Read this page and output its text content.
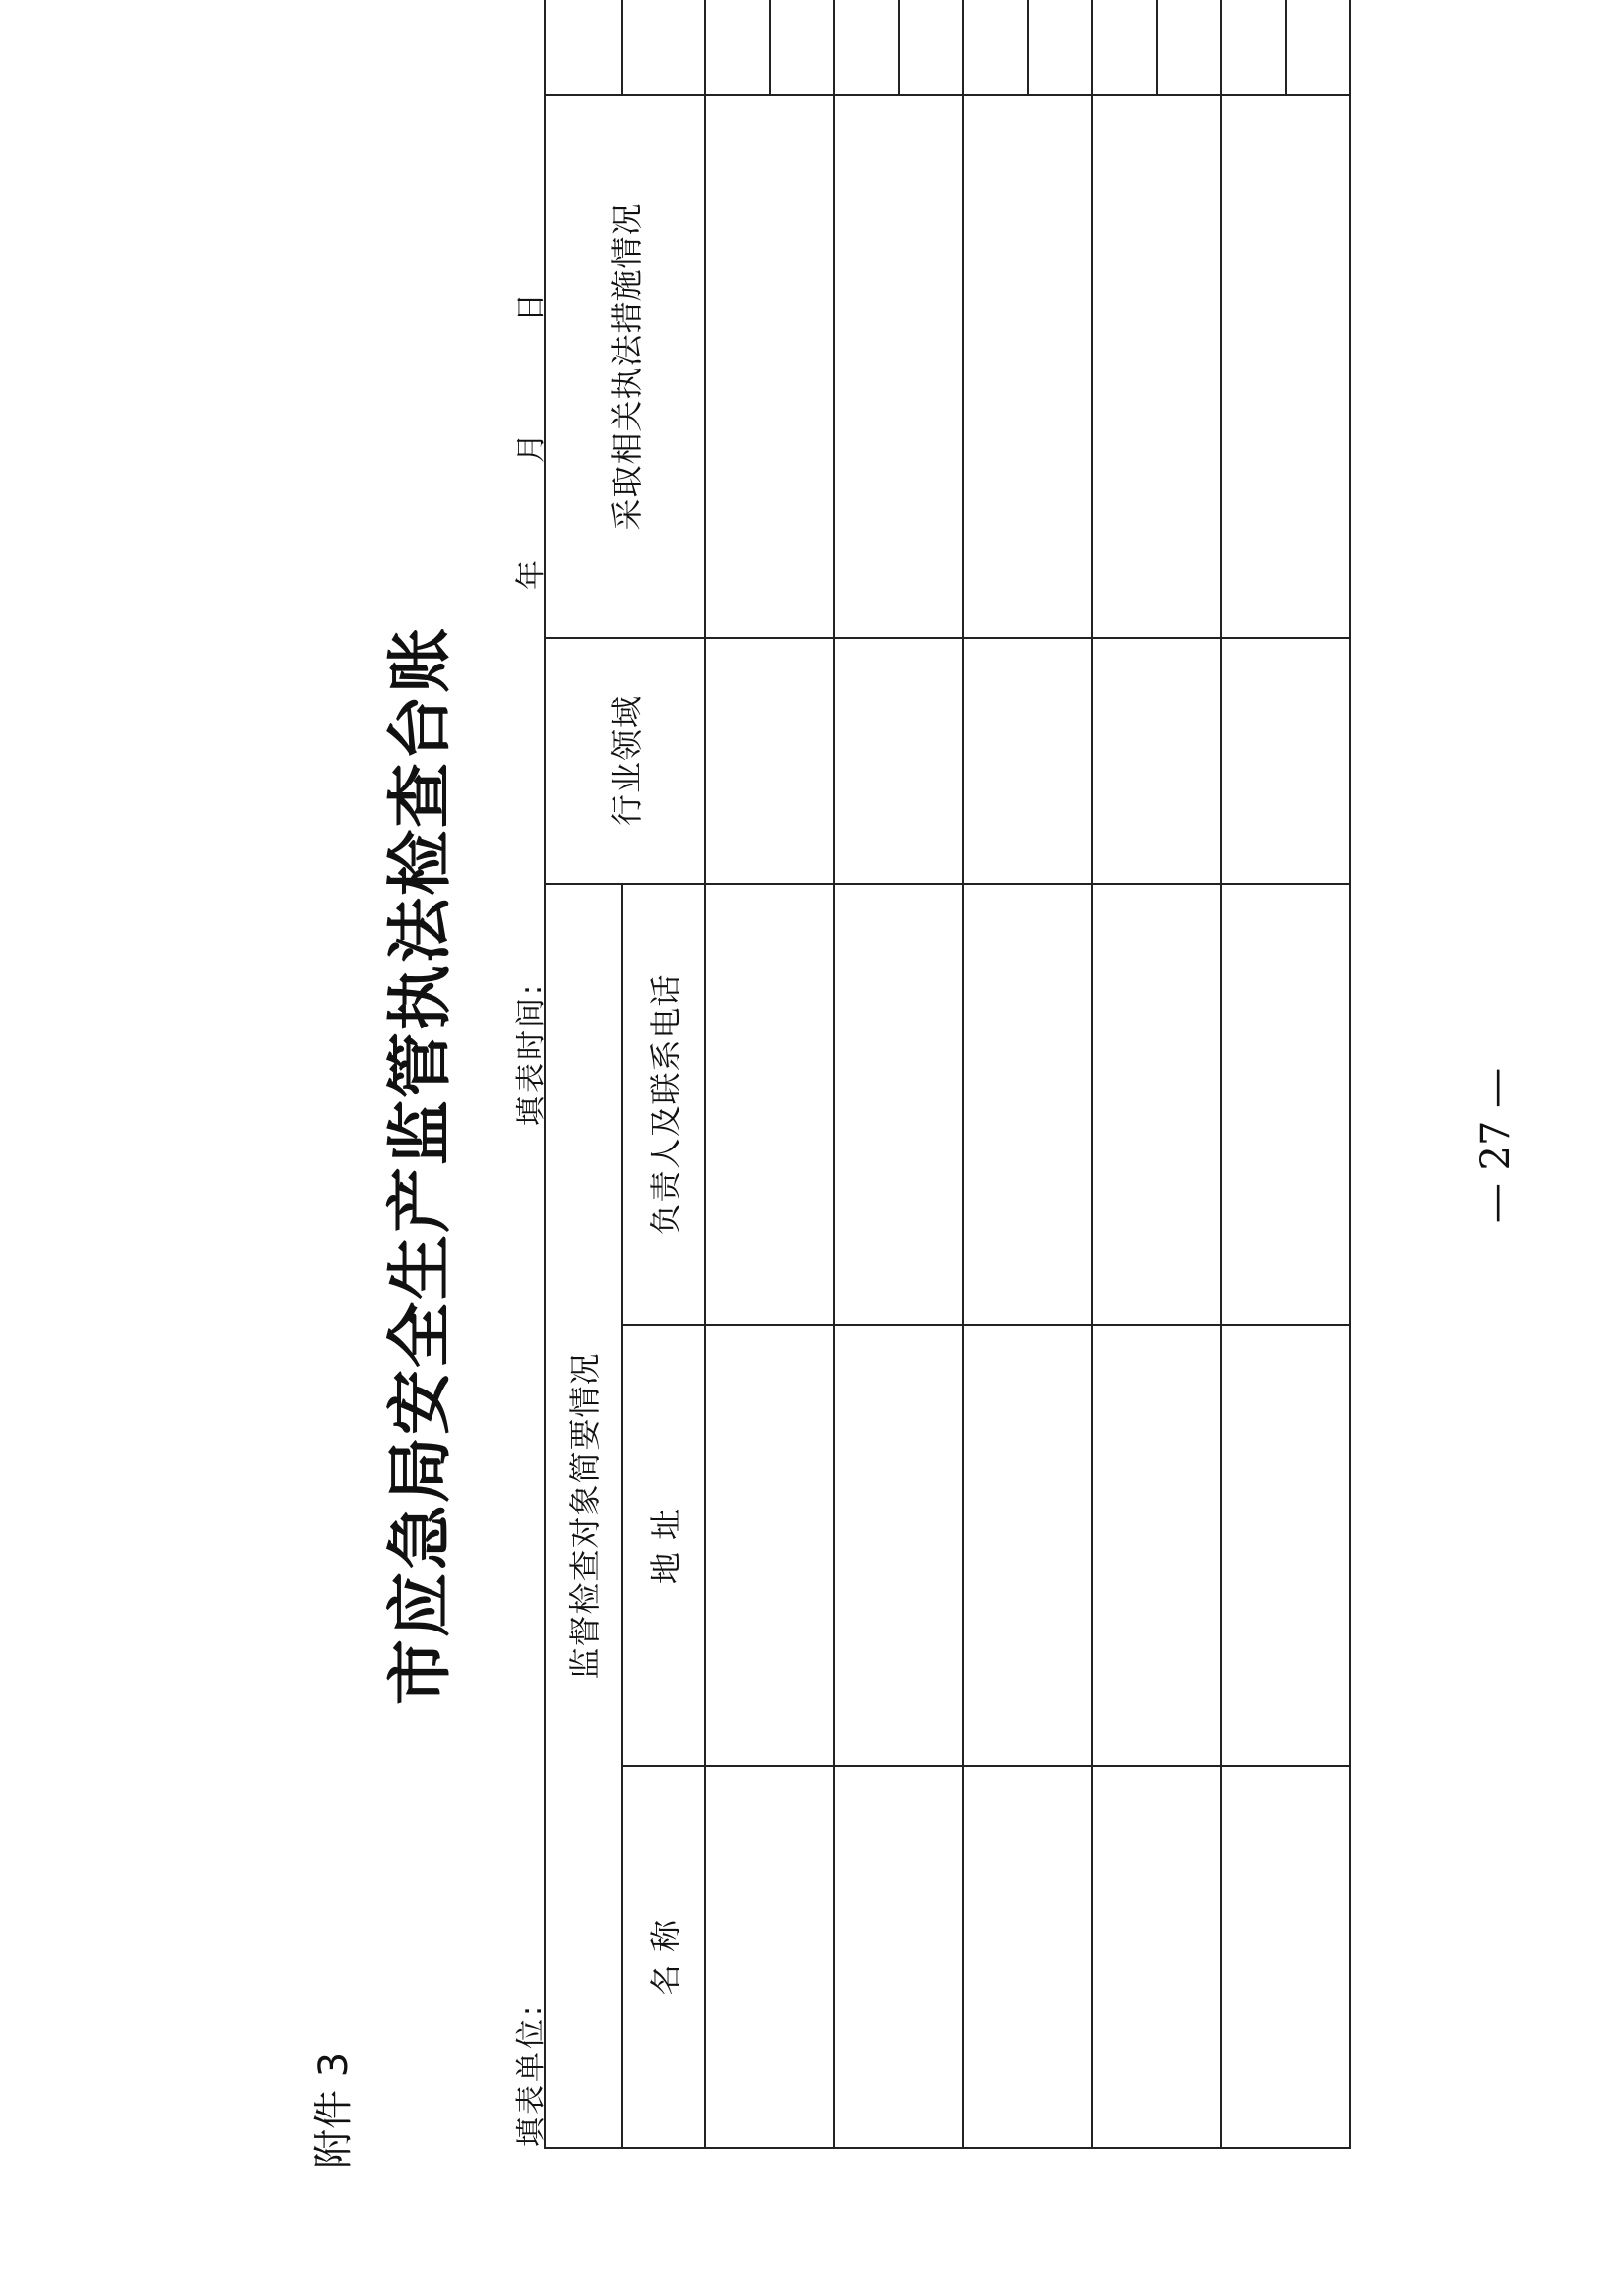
附件 3
市应急局安全生产监管执法检查台账
填表单位:
填表时间:
年
月
日
监督检查对象简要情况			行业领域	采取相关执法措施情况	
名 称	地 址	负责人及联系电话		

		— 27 —
